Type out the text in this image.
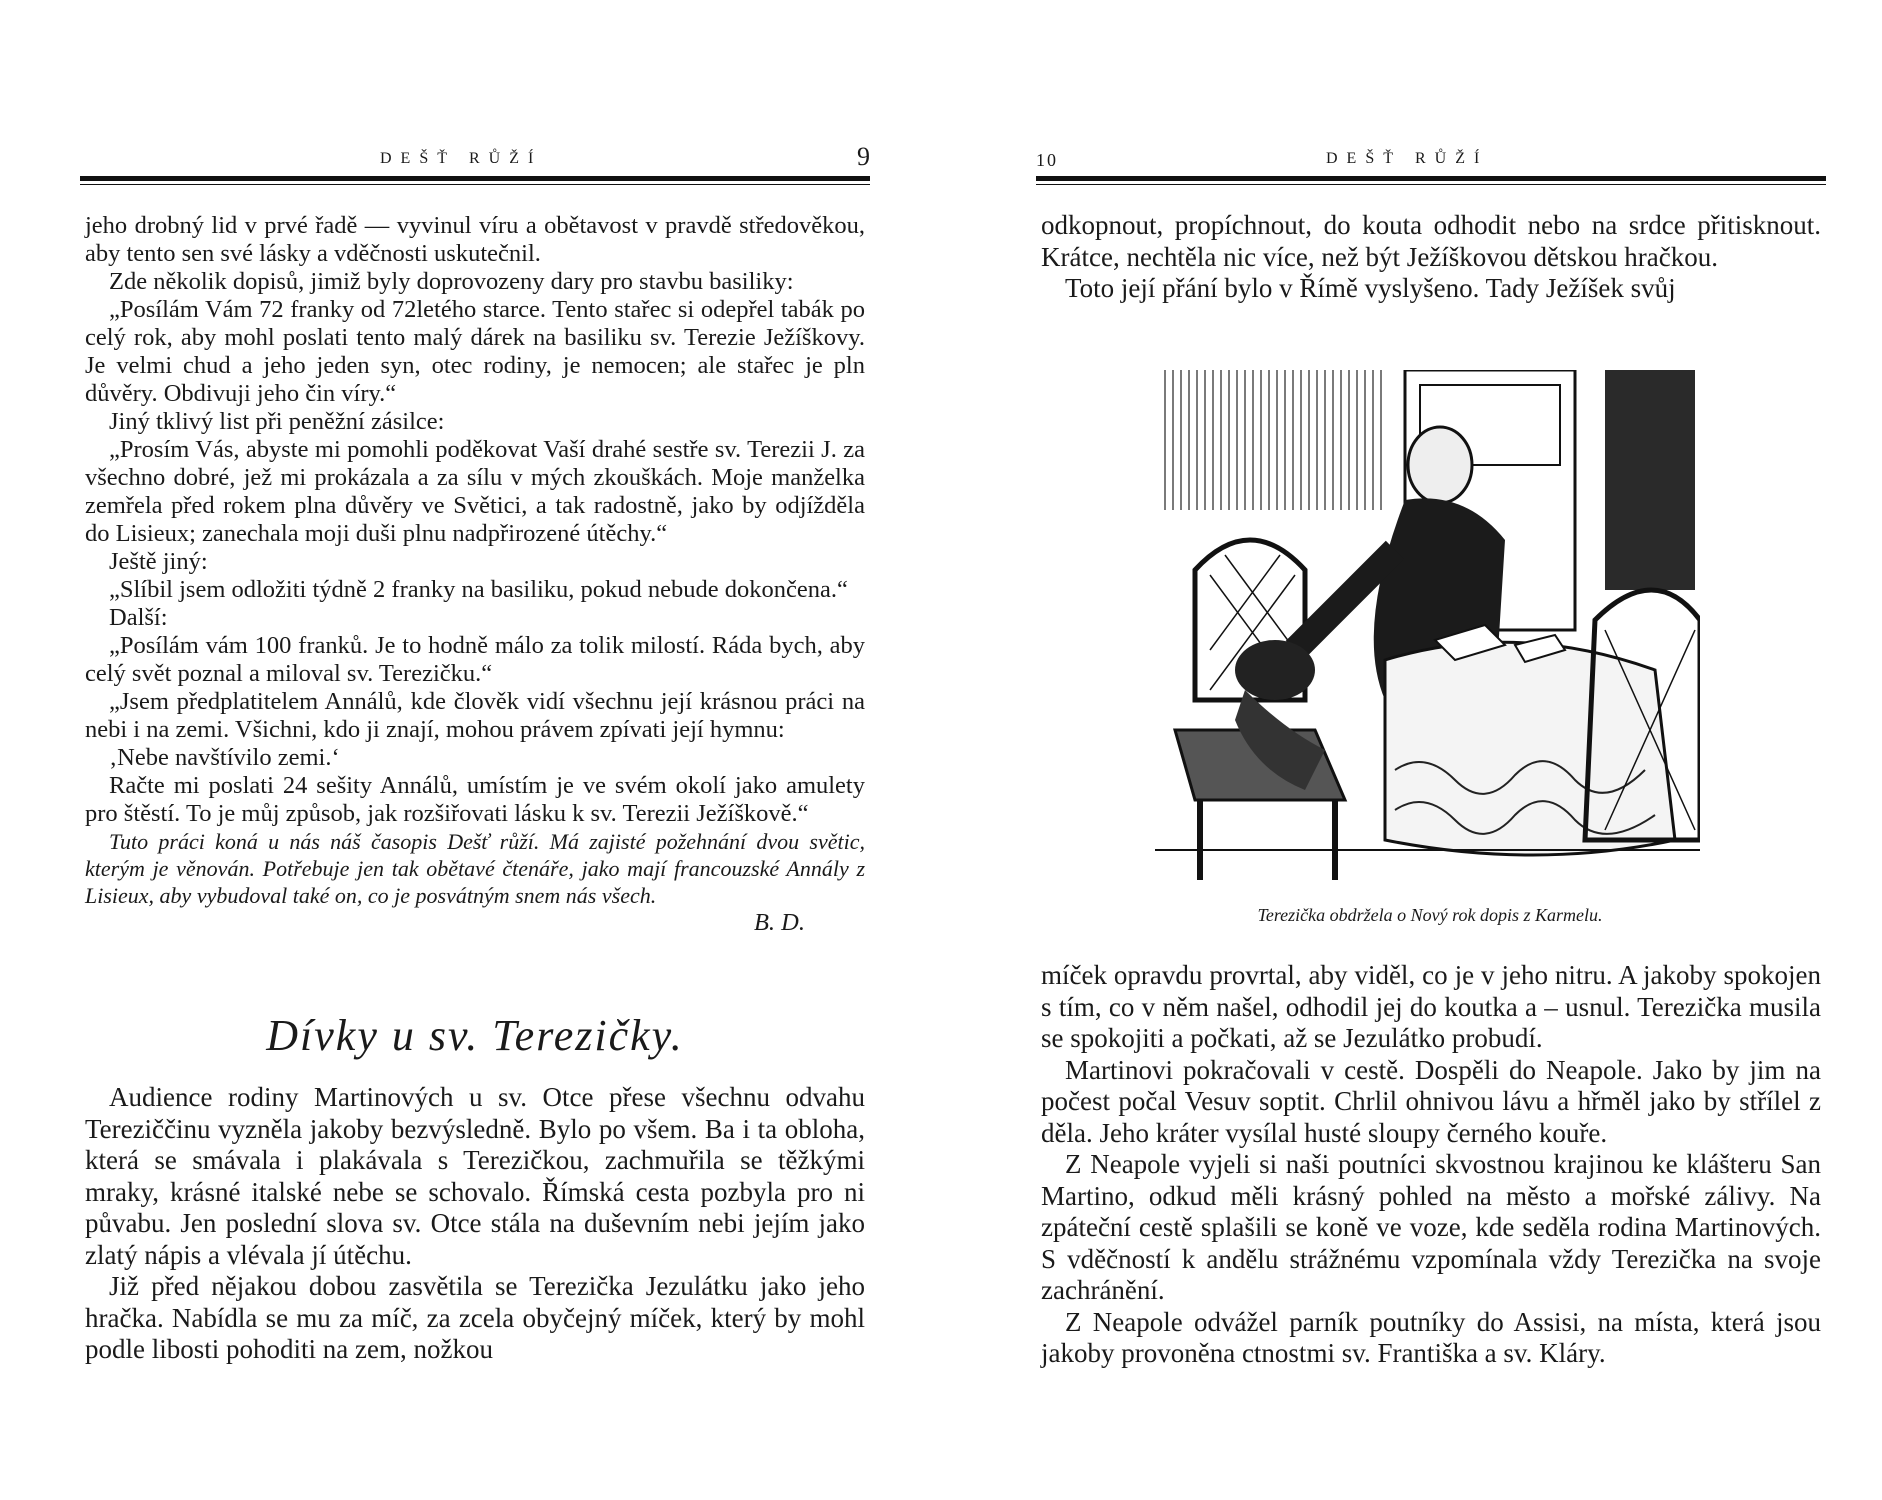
DEŠŤ RŮŽÍ	9

jeho drobný lid v prvé řadě — vyvinul víru a obětavost v pravdě středověkou, aby tento sen své lásky a vděčnosti uskutečnil.

Zde několik dopisů, jimiž byly doprovozeny dary pro stavbu basiliky:

„Posílám Vám 72 franky od 72letého starce. Tento stařec si odepřel tabák po celý rok, aby mohl poslati tento malý dárek na basiliku sv. Terezie Ježíškovy. Je velmi chud a jeho jeden syn, otec rodiny, je nemocen; ale stařec je pln důvěry. Obdivuji jeho čin víry.“

Jiný tklivý list při peněžní zásilce:

„Prosím Vás, abyste mi pomohli poděkovat Vaší drahé sestře sv. Terezii J. za všechno dobré, jež mi prokázala a za sílu v mých zkouškách. Moje manželka zemřela před rokem plna důvěry ve Světici, a tak radostně, jako by odjížděla do Lisieux; zanechala moji duši plnu nadpřirozené útěchy.“

Ještě jiný:

„Slíbil jsem odložiti týdně 2 franky na basiliku, pokud nebude dokončena.“

Další:

„Posílám vám 100 franků. Je to hodně málo za tolik milostí. Ráda bych, aby celý svět poznal a miloval sv. Terezičku.“

„Jsem předplatitelem Annálů, kde člověk vidí všechnu její krásnou práci na nebi i na zemi. Všichni, kdo ji znají, mohou právem zpívati její hymnu:

‚Nebe navštívilo zemi.‘

Račte mi poslati 24 sešity Annálů, umístím je ve svém okolí jako amulety pro štěstí. To je můj způsob, jak rozšiřovati lásku k sv. Terezii Ježíškově.“

Tuto práci koná u nás náš časopis Dešť růží. Má zajisté požehnání dvou světic, kterým je věnován. Potřebuje jen tak obětavé čtenáře, jako mají francouzské Annály z Lisieux, aby vybudoval také on, co je posvátným snem nás všech.

B. D.
Dívky u sv. Terezičky.

Audience rodiny Martinových u sv. Otce přese všechnu odvahu Tereziččinu vyzněla jakoby bezvýsledně. Bylo po všem. Ba i ta obloha, která se smávala i plakávala s Terezičkou, zachmuřila se těžkými mraky, krásné italské nebe se schovalo. Římská cesta pozbyla pro ni půvabu. Jen poslední slova sv. Otce stála na duševním nebi jejím jako zlatý nápis a vlévala jí útěchu.

Již před nějakou dobou zasvětila se Terezička Jezulátku jako jeho hračka. Nabídla se mu za míč, za zcela obyčejný míček, který by mohl podle libosti pohoditi na zem, nožkou

10	DEŠŤ RŮŽÍ

odkopnout, propíchnout, do kouta odhodit nebo na srdce přitisknout. Krátce, nechtěla nic více, než být Ježíškovou dětskou hračkou.

Toto její přání bylo v Římě vyslyšeno. Tady Ježíšek svůj

míček opravdu provrtal, aby viděl, co je v jeho nitru. A jakoby spokojen s tím, co v něm našel, odhodil jej do koutka a – usnul. Terezička musila se spokojiti a počkati, až se Jezulátko probudí.

Martinovi pokračovali v cestě. Dospěli do Neapole. Jako by jim na počest počal Vesuv soptit. Chrlil ohnivou lávu a hřměl jako by střílel z děla. Jeho kráter vysílal husté sloupy černého kouře.

Z Neapole vyjeli si naši poutníci skvostnou krajinou ke klášteru San Martino, odkud měli krásný pohled na město a mořské zálivy. Na zpáteční cestě splašili se koně ve voze, kde seděla rodina Martinových. S vděčností k andělu strážnému vzpomínala vždy Terezička na svoje zachránění.

Z Neapole odvážel parník poutníky do Assisi, na místa, která jsou jakoby provoněna ctnostmi sv. Františka a sv. Kláry.

Terezička obdržela o Nový rok dopis z Karmelu.
